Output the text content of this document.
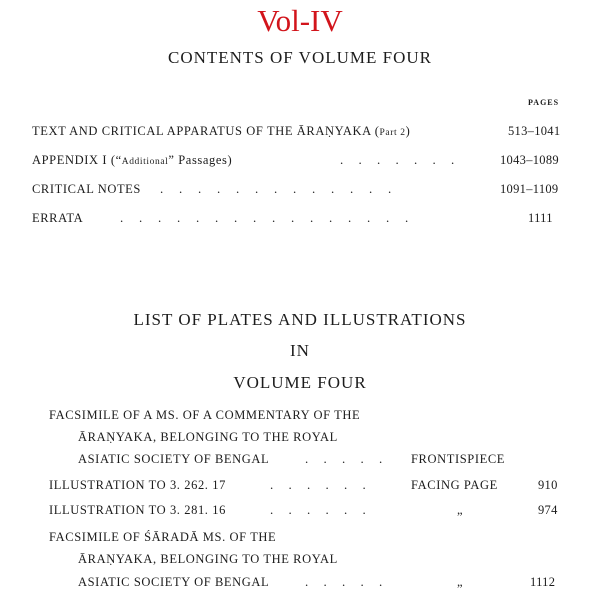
Vol-IV
CONTENTS OF VOLUME FOUR
PAGES
TEXT AND CRITICAL APPARATUS OF THE ĀRAṆYAKA (Part 2)	513–1041
APPENDIX I (“Additional” Passages)	. . . . . . .	1043–1089
CRITICAL NOTES . . . . . . . . . . . . .	1091–1109
ERRATA	. . . . . . . . . . . . . . . .	1111
LIST OF PLATES AND ILLUSTRATIONS
IN
VOLUME FOUR
FACSIMILE OF A MS. OF A COMMENTARY OF THE
ĀRAṆYAKA, BELONGING TO THE ROYAL
ASIATIC SOCIETY OF BENGAL	. . . . . FRONTISPIECE
ILLUSTRATION TO 3. 262. 17	. . . . . .	FACING PAGE	910
ILLUSTRATION TO 3. 281. 16	. . . . . .	„	974
FACSIMILE OF ŚĀRADĀ MS. OF THE
ĀRAṆYAKA, BELONGING TO THE ROYAL
ASIATIC SOCIETY OF BENGAL	. . . . .	„	1112
